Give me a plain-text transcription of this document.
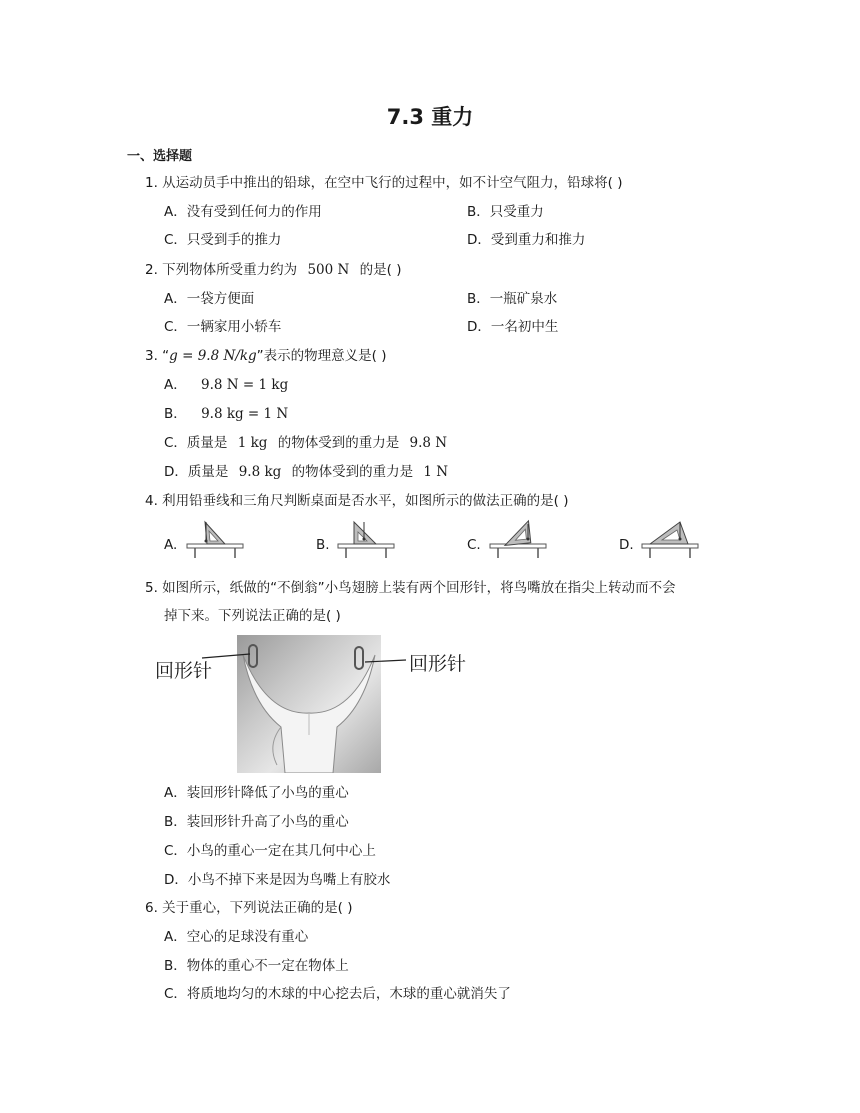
7.3 重力
一、选择题
1. 从运动员手中推出的铅球，在空中飞行的过程中，如不计空气阻力，铅球将( )
A．没有受到任何力的作用	B．只受重力
C．只受到手的推力	D．受到重力和推力
2. 下列物体所受重力约为 500 N 的是( )
A．一袋方便面	B．一瓶矿泉水
C．一辆家用小轿车	D．一名初中生
3. “g = 9.8 N/kg”表示的物理意义是( )
A． 9.8 N = 1 kg
B． 9.8 kg = 1 N
C．质量是 1 kg 的物体受到的重力是 9.8 N
D．质量是 9.8 kg 的物体受到的重力是 1 N
4. 利用铅垂线和三角尺判断桌面是否水平，如图所示的做法正确的是( )
A.	B.	C.	D.
5. 如图所示，纸做的“不倒翁”小鸟翅膀上装有两个回形针，将鸟嘴放在指尖上转动而不会
掉下来。下列说法正确的是( )
回形针	回形针
A．装回形针降低了小鸟的重心
B．装回形针升高了小鸟的重心
C．小鸟的重心一定在其几何中心上
D．小鸟不掉下来是因为鸟嘴上有胶水
6. 关于重心，下列说法正确的是( )
A．空心的足球没有重心
B．物体的重心不一定在物体上
C．将质地均匀的木球的中心挖去后，木球的重心就消失了
